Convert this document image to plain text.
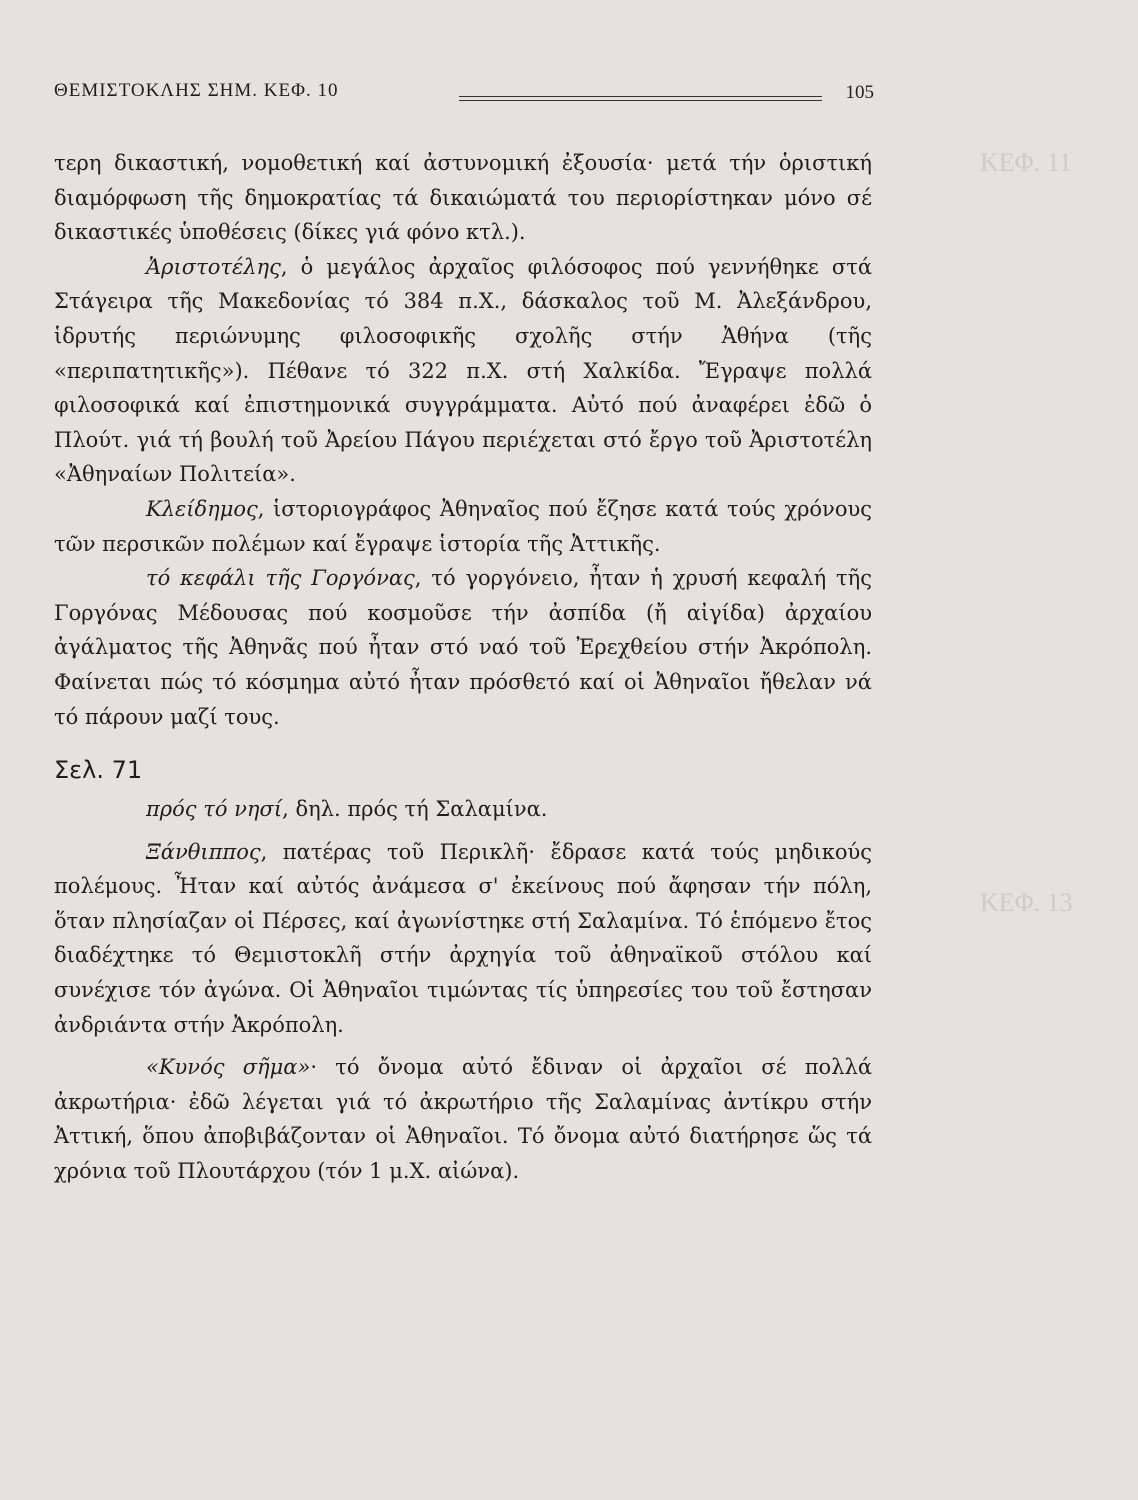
ΚΕΦ. 11
ΚΕΦ. 13
ΘΕΜΙΣΤΟΚΛΗΣ ΣΗΜ. ΚΕΦ. 10	105

τερη δικαστική, νομοθετική καί ἀστυνομική ἐξουσία· μετά τήν ὁριστική διαμόρφωση τῆς δημοκρατίας τά δικαιώματά του περιορίστηκαν μόνο σέ δικαστικές ὑποθέσεις (δίκες γιά φόνο κτλ.).

Ἀριστοτέλης, ὁ μεγάλος ἀρχαῖος φιλόσοφος πού γεννήθηκε στά Στάγειρα τῆς Μακεδονίας τό 384 π.Χ., δάσκαλος τοῦ Μ. Ἀλεξάνδρου, ἱδρυτής περιώνυμης φιλοσοφικῆς σχολῆς στήν Ἀθήνα (τῆς «περιπατητικῆς»). Πέθανε τό 322 π.Χ. στή Χαλκίδα. Ἔγραψε πολλά φιλοσοφικά καί ἐπιστημονικά συγγράμματα. Αὐτό πού ἀναφέρει ἐδῶ ὁ Πλούτ. γιά τή βουλή τοῦ Ἀρείου Πάγου περιέχεται στό ἔργο τοῦ Ἀριστοτέλη «Ἀθηναίων Πολιτεία».

Κλείδημος, ἱστοριογράφος Ἀθηναῖος πού ἔζησε κατά τούς χρόνους τῶν περσικῶν πολέμων καί ἔγραψε ἱστορία τῆς Ἀττικῆς.

τό κεφάλι τῆς Γοργόνας, τό γοργόνειο, ἦταν ἡ χρυσή κεφαλή τῆς Γοργόνας Μέδουσας πού κοσμοῦσε τήν ἀσπίδα (ἤ αἰγίδα) ἀρχαίου ἀγάλματος τῆς Ἀθηνᾶς πού ἦταν στό ναό τοῦ Ἐρεχθείου στήν Ἀκρόπολη. Φαίνεται πώς τό κόσμημα αὐτό ἦταν πρόσθετό καί οἱ Ἀθηναῖοι ἤθελαν νά τό πάρουν μαζί τους.

Σελ. 71

πρός τό νησί, δηλ. πρός τή Σαλαμίνα.

Ξάνθιππος, πατέρας τοῦ Περικλῆ· ἔδρασε κατά τούς μηδικούς πολέμους. Ἦταν καί αὐτός ἀνάμεσα σ' ἐκείνους πού ἄφησαν τήν πόλη, ὅταν πλησίαζαν οἱ Πέρσες, καί ἀγωνίστηκε στή Σαλαμίνα. Τό ἑπόμενο ἔτος διαδέχτηκε τό Θεμιστοκλῆ στήν ἀρχηγία τοῦ ἀθηναϊκοῦ στόλου καί συνέχισε τόν ἀγώνα. Οἱ Ἀθηναῖοι τιμώντας τίς ὑπηρεσίες του τοῦ ἔστησαν ἀνδριάντα στήν Ἀκρόπολη.

«Κυνός σῆμα»· τό ὄνομα αὐτό ἔδιναν οἱ ἀρχαῖοι σέ πολλά ἀκρωτήρια· ἐδῶ λέγεται γιά τό ἀκρωτήριο τῆς Σαλαμίνας ἀντίκρυ στήν Ἀττική, ὅπου ἀποβιβάζονταν οἱ Ἀθηναῖοι. Τό ὄνομα αὐτό διατήρησε ὥς τά χρόνια τοῦ Πλουτάρχου (τόν 1 μ.Χ. αἰώνα).
